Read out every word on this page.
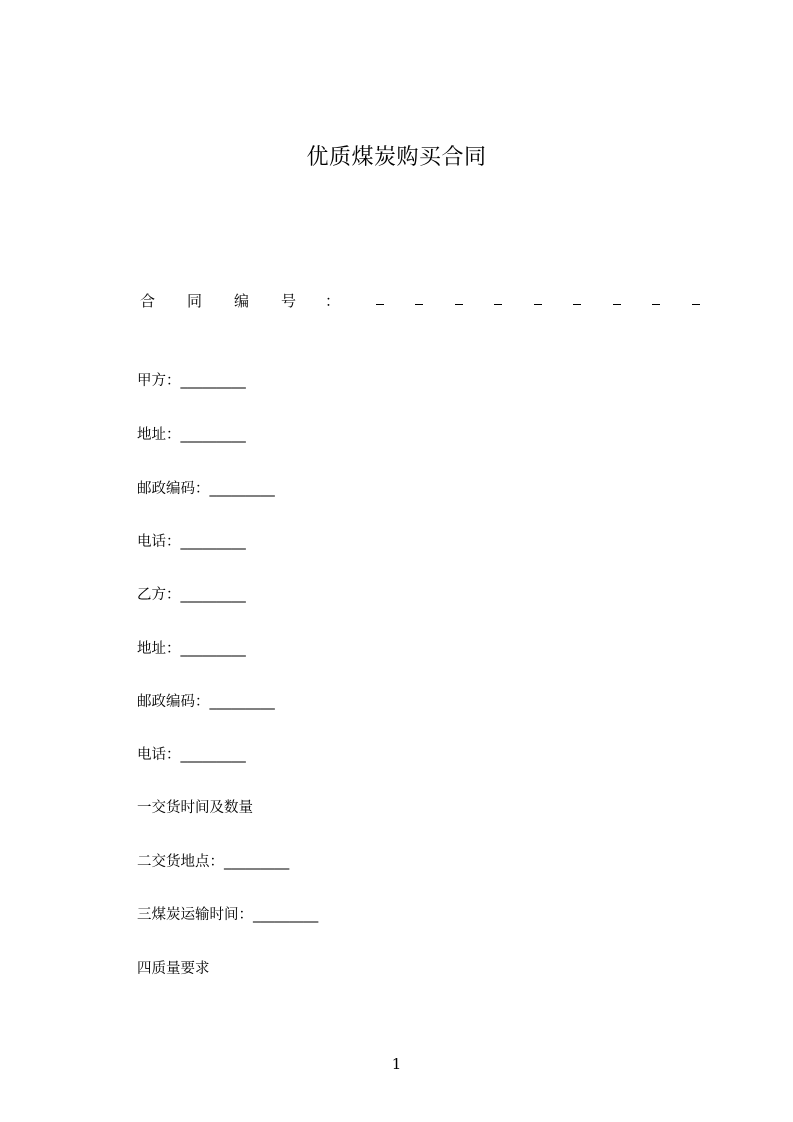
优质煤炭购买合同
合 同 编 号 ：
甲方：_________
地址：_________
邮政编码：_________
电话：_________
乙方：_________
地址：_________
邮政编码：_________
电话：_________
一交货时间及数量
二交货地点：_________
三煤炭运输时间：_________
四质量要求
1
